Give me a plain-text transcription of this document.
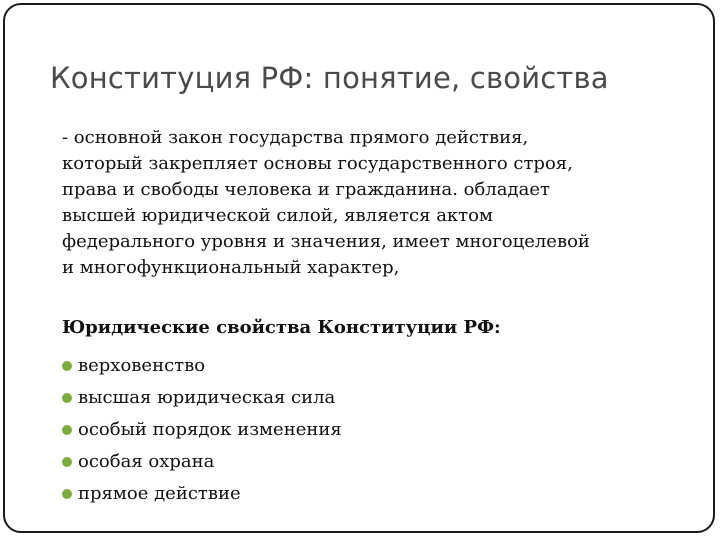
Конституция РФ: понятие, свойства

- основной закон государства прямого действия,
который закрепляет основы государственного строя,
права и свободы человека и гражданина. обладает
высшей юридической силой, является актом
федерального уровня и значения, имеет многоцелевой
и многофункциональный характер,

Юридические свойства Конституции РФ:
верховенство
высшая юридическая сила
особый порядок изменения
особая охрана
прямое действие
